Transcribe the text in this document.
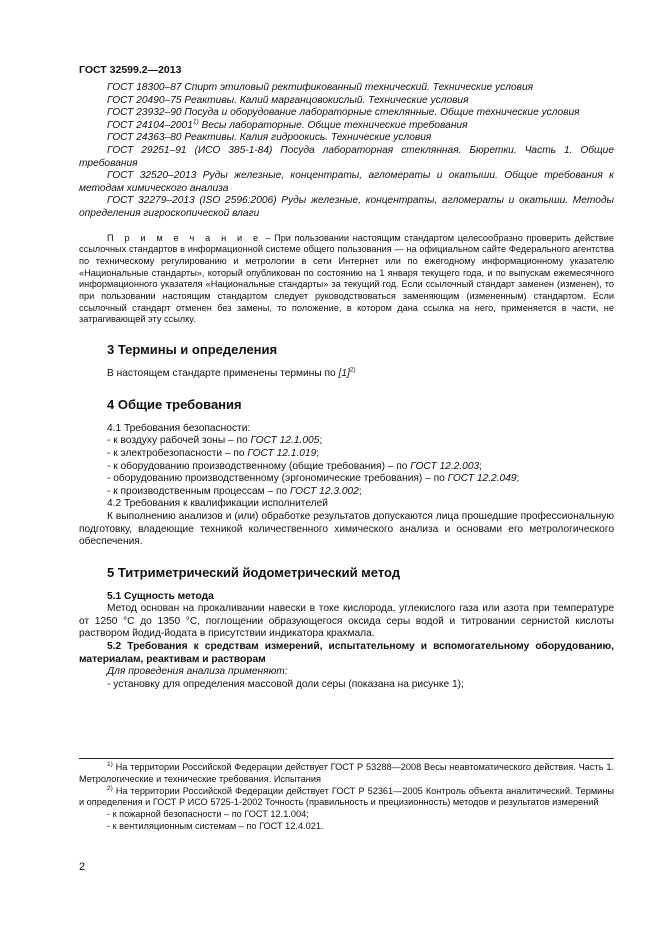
ГОСТ 32599.2—2013

ГОСТ 18300–87 Спирт этиловый ректификованный технический. Технические условия

ГОСТ 20490–75 Реактивы. Калий марганцовокислый. Технические условия

ГОСТ 23932–90 Посуда и оборудование лабораторные стеклянные. Общие технические условия

ГОСТ 24104–2001$^{1)}$ Весы лабораторные. Общие технические требования

ГОСТ 24363–80 Реактивы. Калия гидроокись. Технические условия

ГОСТ 29251–91 (ИСО 385-1-84) Посуда лабораторная стеклянная. Бюретки. Часть 1. Общие требования

ГОСТ 32520–2013 Руды железные, концентраты, агломераты и окатыши. Общие требования к методам химического анализа

ГОСТ 32279–2013 (ISO 2596:2006) Руды железные, концентраты, агломераты и окатыши. Методы определения гигроскопической влаги

П р и м е ч а н и е – При пользовании настоящим стандартом целесообразно проверить действие ссылочных стандартов в информационной системе общего пользования — на официальном сайте Федерального агентства по техническому регулированию и метрологии в сети Интернет или по ежегодному информационному указателю «Национальные стандарты», который опубликован по состоянию на 1 января текущего года, и по выпускам ежемесячного информационного указателя «Национальные стандарты» за текущий год. Если ссылочный стандарт заменен (изменен), то при пользовании настоящим стандартом следует руководствоваться заменяющим (измененным) стандартом. Если ссылочный стандарт отменен без замены, то положение, в котором дана ссылка на него, применяется в части, не затрагивающей эту ссылку.

3 Термины и определения

В настоящем стандарте применены термины по $[1]^{2)}$

4 Общие требования

4.1 Требования безопасности:

- к воздуху рабочей зоны – по ГОСТ 12.1.005;

- к электробезопасности – по ГОСТ 12.1.019;

- к оборудованию производственному (общие требования) – по ГОСТ 12.2.003;

- оборудованию производственному (эргономические требования) – по ГОСТ 12.2.049;

- к производственным процессам – по ГОСТ 12.3.002;

4.2 Требования к квалификации исполнителей

К выполнению анализов и (или) обработке результатов допускаются лица прошедшие профессиональную подготовку, владеющие техникой количественного химического анализа и основами его метрологического обеспечения.

5 Титриметрический йодометрический метод

5.1 Сущность метода

Метод основан на прокаливании навески в токе кислорода, углекислого газа или азота при температуре от 1250 °С до 1350 °С, поглощении образующегося оксида серы водой и титровании сернистой кислоты раствором йодид-йодата в присутствии индикатора крахмала.

5.2 Требования к средствам измерений, испытательному и вспомогательному оборудованию, материалам, реактивам и растворам

Для проведения анализа применяют:

- установку для определения массовой доли серы (показана на рисунке 1);

$^{1)}$ На территории Российской Федерации действует ГОСТ Р 53288—2008 Весы неавтоматического действия. Часть 1. Метрологические и технические требования. Испытания

$^{2)}$ На территории Российской Федерации действует ГОСТ Р 52361—2005 Контроль объекта аналитический. Термины и определения и ГОСТ Р ИСО 5725-1-2002 Точность (правильность и прецизионность) методов и результатов измерений

- к пожарной безопасности – по ГОСТ 12.1.004;

- к вентиляционным системам – по ГОСТ 12.4.021.

2
